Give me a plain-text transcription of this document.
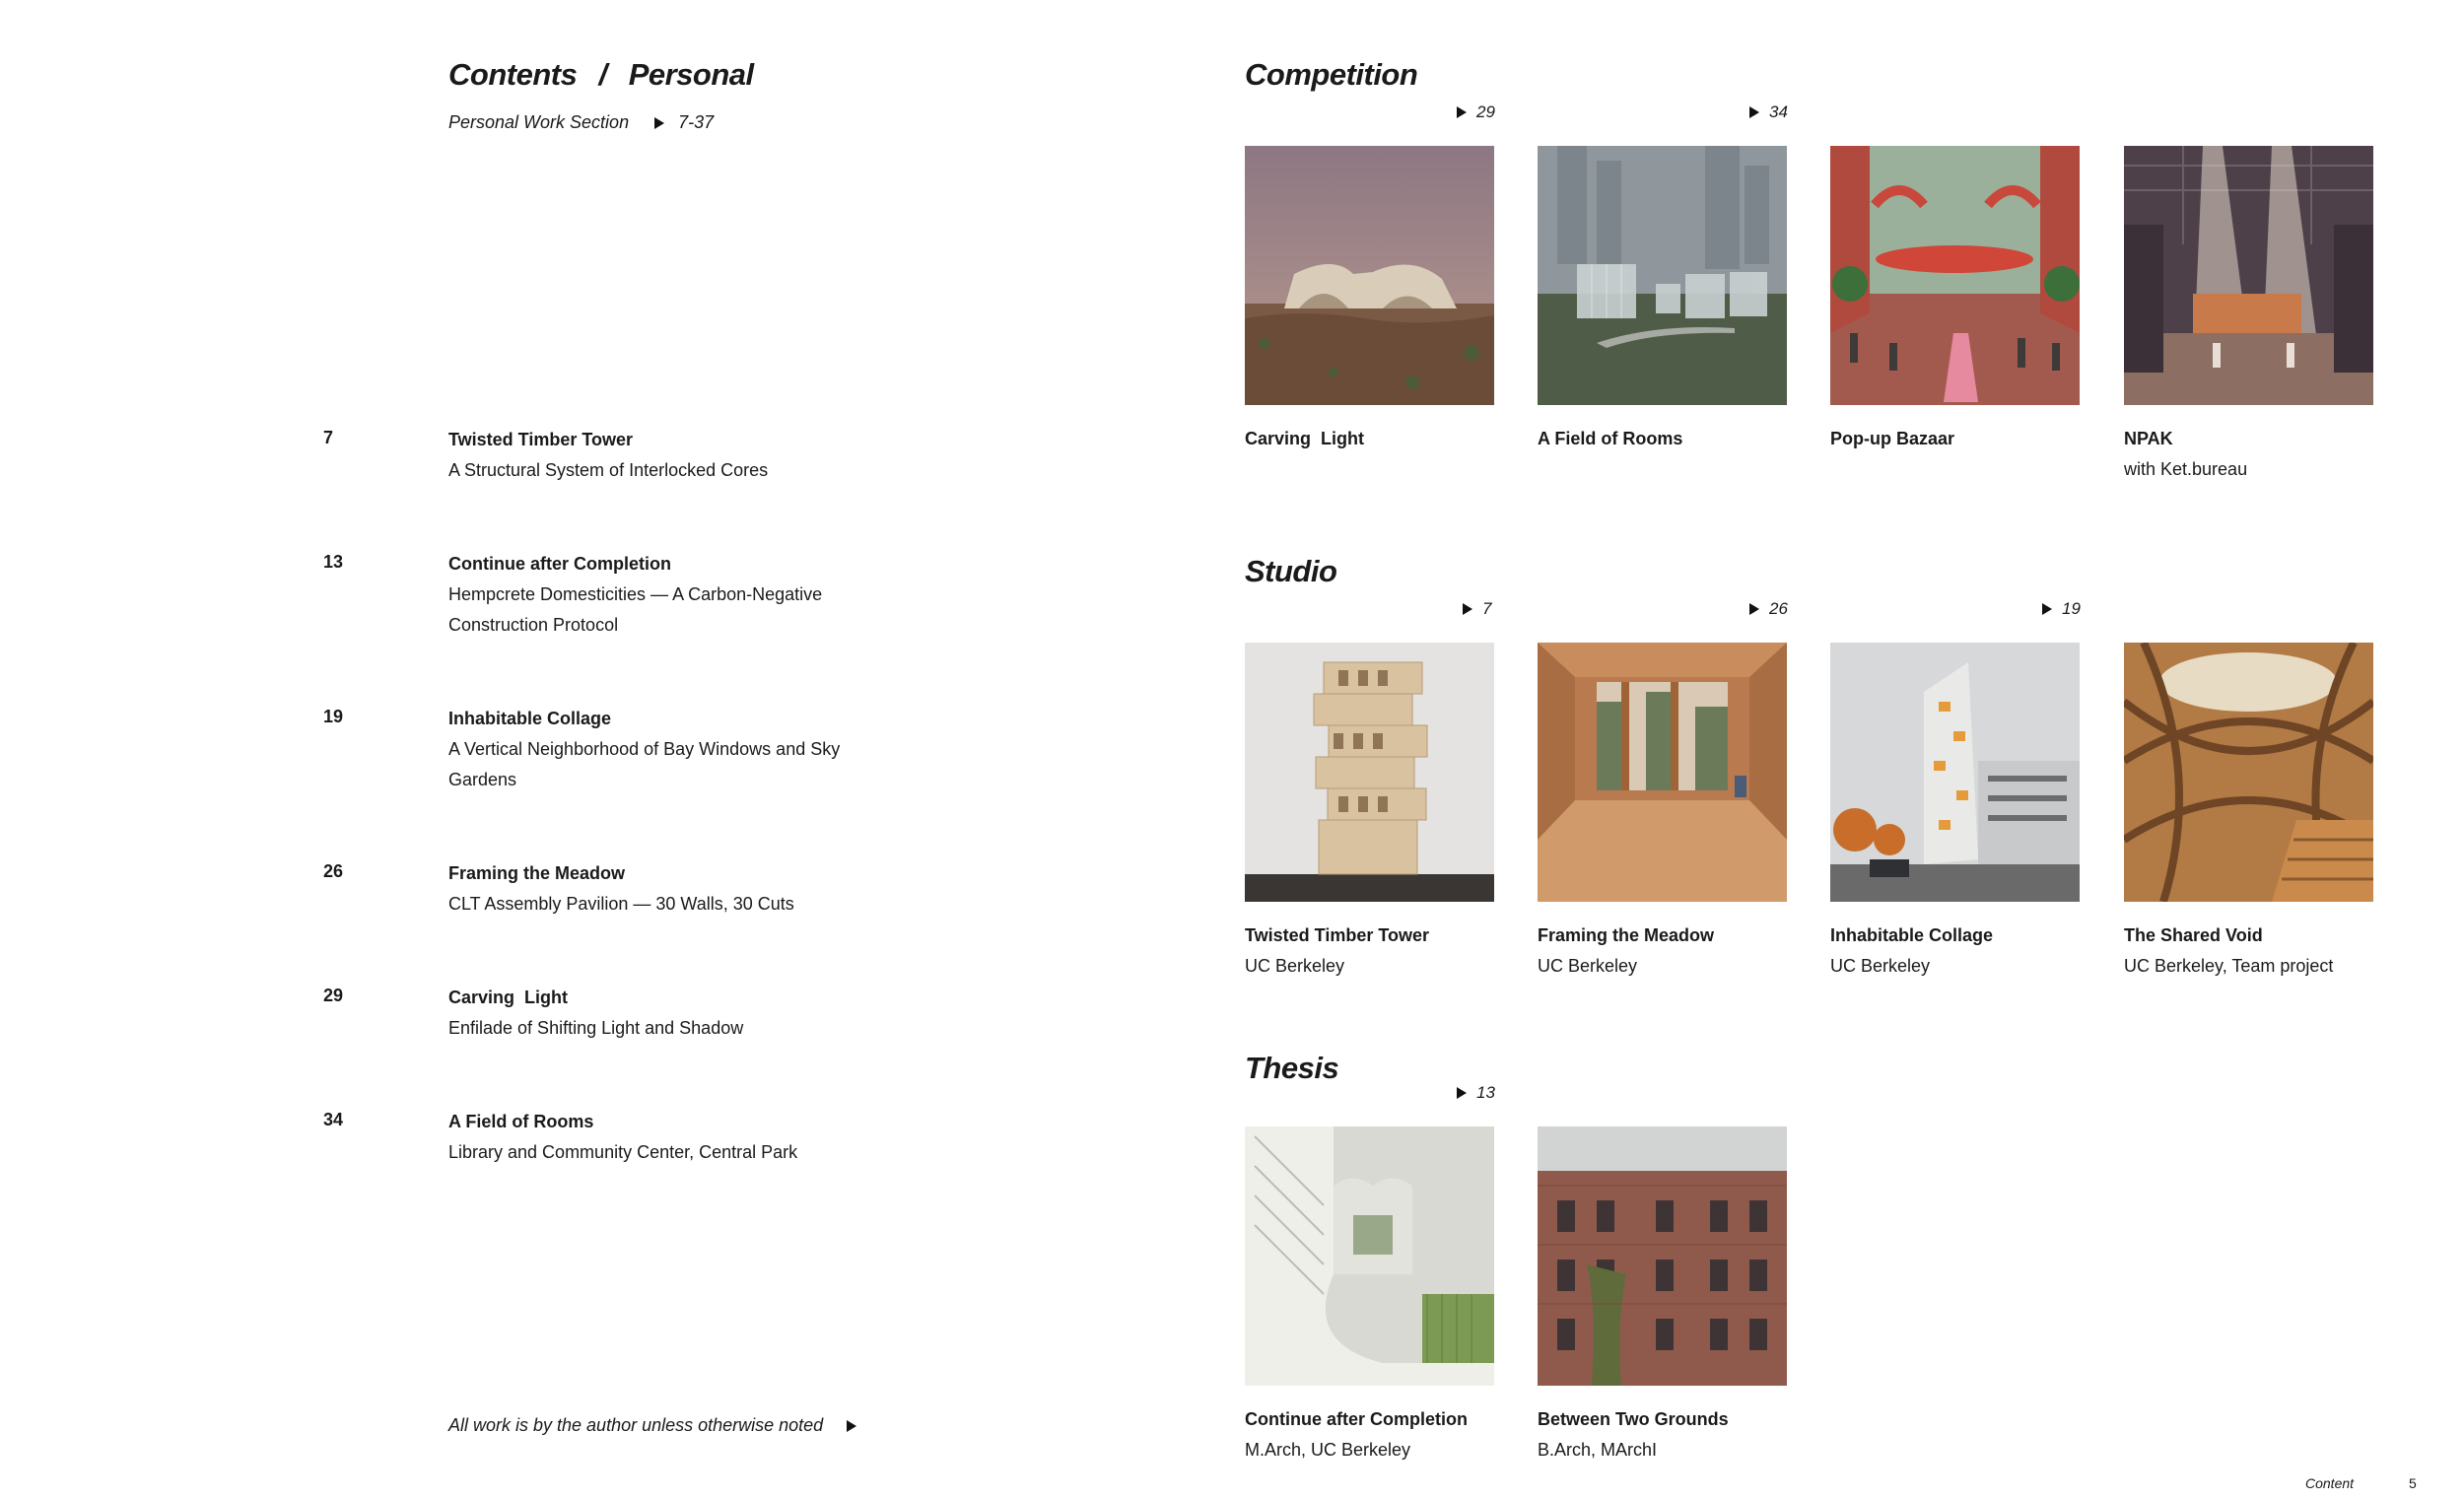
Contents / Personal
Personal Work Section	7-37
7	Twisted Timber Tower
A Structural System of Interlocked Cores
13	Continue after Completion
Hempcrete Domesticities — A Carbon-Negative Construction Protocol
19	Inhabitable Collage
A Vertical Neighborhood of Bay Windows and Sky Gardens
26	Framing the Meadow
CLT Assembly Pavilion — 30 Walls, 30 Cuts
29	Carving  Light
Enfilade of Shifting Light and Shadow
34	A Field of Rooms
Library and Community Center, Central Park
All work is by the author unless otherwise noted
Competition
29	34
Carving  Light	A Field of Rooms	Pop-up Bazaar	NPAK
with Ket.bureau
Studio
7	26	19
Twisted Timber Tower
UC Berkeley
Framing the Meadow
UC Berkeley
Inhabitable Collage
UC Berkeley
The Shared Void
UC Berkeley, Team project
Thesis
13
Continue after Completion
M.Arch, UC Berkeley
Between Two Grounds
B.Arch, MArchI
Content	5
